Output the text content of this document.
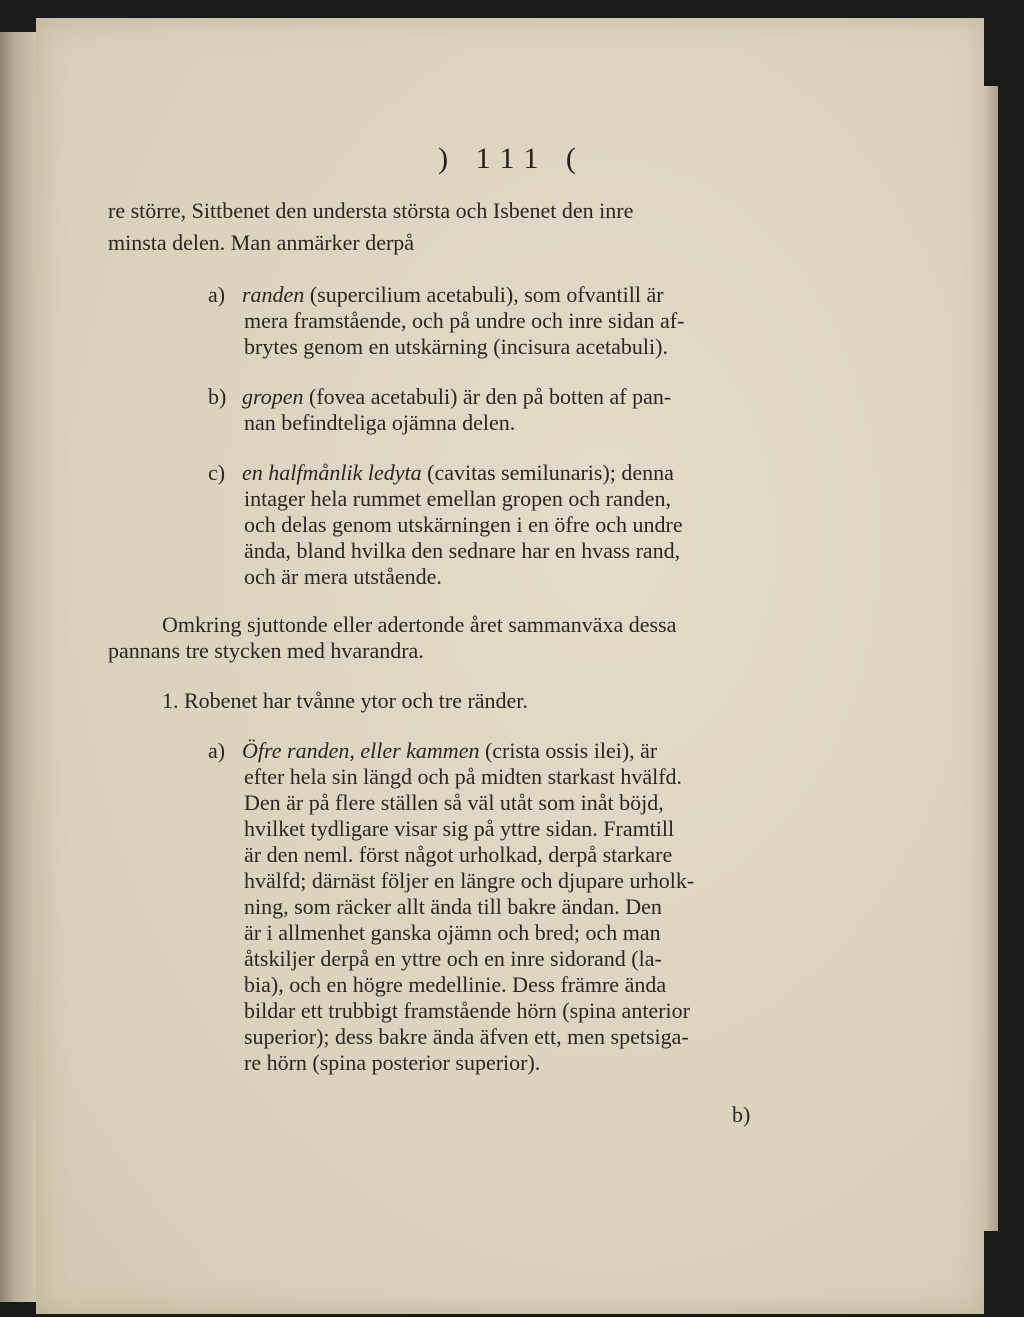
) 111 (
re större, Sittbenet den understa största och Isbenet den inre
minsta delen. Man anmärker derpå
a) randen (supercilium acetabuli), som ofvantill är
mera framstående, och på undre och inre sidan af-
brytes genom en utskärning (incisura acetabuli).
b) gropen (fovea acetabuli) är den på botten af pan-
nan befindteliga ojämna delen.
c) en halfmånlik ledyta (cavitas semilunaris); denna
intager hela rummet emellan gropen och randen,
och delas genom utskärningen i en öfre och undre
ända, bland hvilka den sednare har en hvass rand,
och är mera utstående.
Omkring sjuttonde eller adertonde året sammanväxa dessa
pannans tre stycken med hvarandra.
1. Robenet har tvånne ytor och tre ränder.
a) Öfre randen, eller kammen (crista ossis ilei), är
efter hela sin längd och på midten starkast hvälfd.
Den är på flere ställen så väl utåt som inåt böjd,
hvilket tydligare visar sig på yttre sidan. Framtill
är den neml. först något urholkad, derpå starkare
hvälfd; därnäst följer en längre och djupare urholk-
ning, som räcker allt ända till bakre ändan. Den
är i allmenhet ganska ojämn och bred; och man
åtskiljer derpå en yttre och en inre sidorand (la-
bia), och en högre medellinie. Dess främre ända
bildar ett trubbigt framstående hörn (spina anterior
superior); dess bakre ända äfven ett, men spetsiga-
re hörn (spina posterior superior).
b)
